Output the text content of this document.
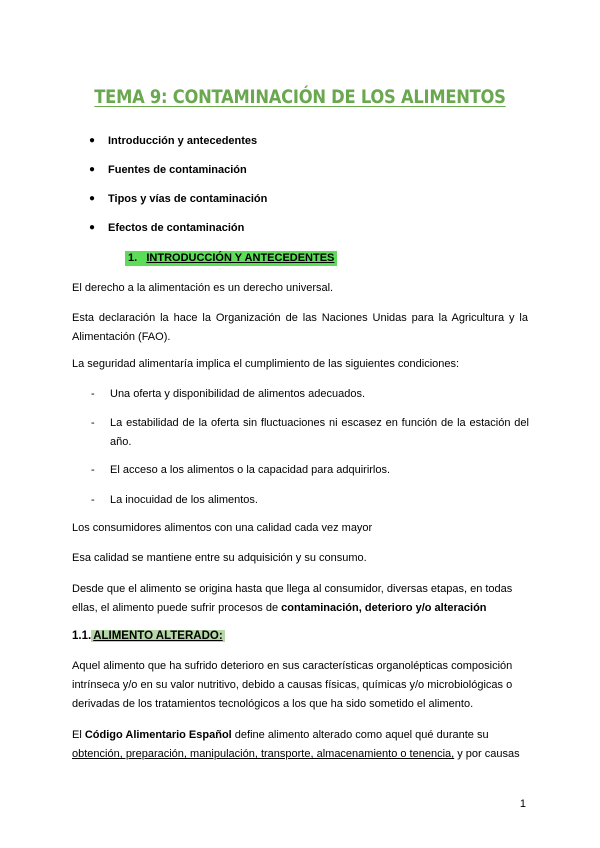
TEMA 9: CONTAMINACIÓN DE LOS ALIMENTOS
● Introducción y antecedentes
● Fuentes de contaminación
● Tipos y vías de contaminación
● Efectos de contaminación
1. INTRODUCCIÓN Y ANTECEDENTES

El derecho a la alimentación es un derecho universal.

Esta declaración la hace la Organización de las Naciones Unidas para la Agricultura y la Alimentación (FAO).

La seguridad alimentaría implica el cumplimiento de las siguientes condiciones:

-	Una oferta y disponibilidad de alimentos adecuados.
-	La estabilidad de la oferta sin fluctuaciones ni escasez en función de la estación del año.
-	El acceso a los alimentos o la capacidad para adquirirlos.
-	La inocuidad de los alimentos.

Los consumidores alimentos con una calidad cada vez mayor

Esa calidad se mantiene entre su adquisición y su consumo.

Desde que el alimento se origina hasta que llega al consumidor, diversas etapas, en todas ellas, el alimento puede sufrir procesos de contaminación, deterioro y/o alteración

1.1. ALIMENTO ALTERADO:

Aquel alimento que ha sufrido deterioro en sus características organolépticas composición intrínseca y/o en su valor nutritivo, debido a causas físicas, químicas y/o microbiológicas o derivadas de los tratamientos tecnológicos a los que ha sido sometido el alimento.

El Código Alimentario Español define alimento alterado como aquel qué durante su obtención, preparación, manipulación, transporte, almacenamiento o tenencia, y por causas

1
